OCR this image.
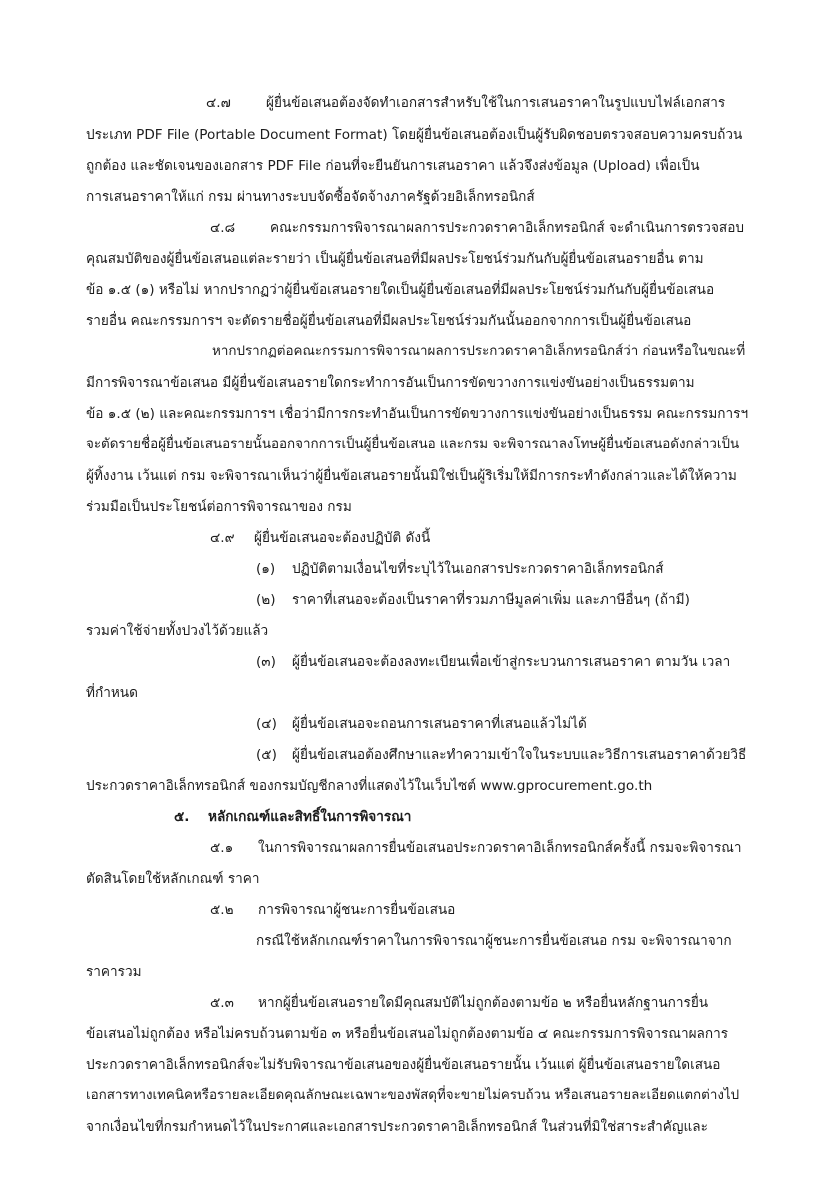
๔.๗	ผู้ยื่นข้อเสนอต้องจัดทำเอกสารสำหรับใช้ในการเสนอราคาในรูปแบบไฟล์เอกสาร
ประเภท PDF File (Portable Document Format) โดยผู้ยื่นข้อเสนอต้องเป็นผู้รับผิดชอบตรวจสอบความครบถ้วน
ถูกต้อง และชัดเจนของเอกสาร PDF File ก่อนที่จะยืนยันการเสนอราคา แล้วจึงส่งข้อมูล (Upload) เพื่อเป็น
การเสนอราคาให้แก่ กรม ผ่านทางระบบจัดซื้อจัดจ้างภาครัฐด้วยอิเล็กทรอนิกส์
๔.๘	คณะกรรมการพิจารณาผลการประกวดราคาอิเล็กทรอนิกส์ จะดำเนินการตรวจสอบ
คุณสมบัติของผู้ยื่นข้อเสนอแต่ละรายว่า เป็นผู้ยื่นข้อเสนอที่มีผลประโยชน์ร่วมกันกับผู้ยื่นข้อเสนอรายอื่น ตาม
ข้อ ๑.๕ (๑) หรือไม่ หากปรากฏว่าผู้ยื่นข้อเสนอรายใดเป็นผู้ยื่นข้อเสนอที่มีผลประโยชน์ร่วมกันกับผู้ยื่นข้อเสนอ
รายอื่น คณะกรรมการฯ จะตัดรายชื่อผู้ยื่นข้อเสนอที่มีผลประโยชน์ร่วมกันนั้นออกจากการเป็นผู้ยื่นข้อเสนอ
หากปรากฏต่อคณะกรรมการพิจารณาผลการประกวดราคาอิเล็กทรอนิกส์ว่า ก่อนหรือในขณะที่
มีการพิจารณาข้อเสนอ มีผู้ยื่นข้อเสนอรายใดกระทำการอันเป็นการขัดขวางการแข่งขันอย่างเป็นธรรมตาม
ข้อ ๑.๕ (๒) และคณะกรรมการฯ เชื่อว่ามีการกระทำอันเป็นการขัดขวางการแข่งขันอย่างเป็นธรรม คณะกรรมการฯ
จะตัดรายชื่อผู้ยื่นข้อเสนอรายนั้นออกจากการเป็นผู้ยื่นข้อเสนอ และกรม จะพิจารณาลงโทษผู้ยื่นข้อเสนอดังกล่าวเป็น
ผู้ทิ้งงาน เว้นแต่ กรม จะพิจารณาเห็นว่าผู้ยื่นข้อเสนอรายนั้นมิใช่เป็นผู้ริเริ่มให้มีการกระทำดังกล่าวและได้ให้ความ
ร่วมมือเป็นประโยชน์ต่อการพิจารณาของ กรม
๔.๙ ผู้ยื่นข้อเสนอจะต้องปฏิบัติ ดังนี้
(๑) ปฏิบัติตามเงื่อนไขที่ระบุไว้ในเอกสารประกวดราคาอิเล็กทรอนิกส์
(๒) ราคาที่เสนอจะต้องเป็นราคาที่รวมภาษีมูลค่าเพิ่ม และภาษีอื่นๆ (ถ้ามี)
รวมค่าใช้จ่ายทั้งปวงไว้ด้วยแล้ว
(๓) ผู้ยื่นข้อเสนอจะต้องลงทะเบียนเพื่อเข้าสู่กระบวนการเสนอราคา ตามวัน เวลา
ที่กำหนด
(๔) ผู้ยื่นข้อเสนอจะถอนการเสนอราคาที่เสนอแล้วไม่ได้
(๕) ผู้ยื่นข้อเสนอต้องศึกษาและทำความเข้าใจในระบบและวิธีการเสนอราคาด้วยวิธี
ประกวดราคาอิเล็กทรอนิกส์ ของกรมบัญชีกลางที่แสดงไว้ในเว็บไซต์ www.gprocurement.go.th
๕. หลักเกณฑ์และสิทธิ์ในการพิจารณา
๕.๑ ในการพิจารณาผลการยื่นข้อเสนอประกวดราคาอิเล็กทรอนิกส์ครั้งนี้ กรมจะพิจารณา
ตัดสินโดยใช้หลักเกณฑ์ ราคา
๕.๒ การพิจารณาผู้ชนะการยื่นข้อเสนอ
กรณีใช้หลักเกณฑ์ราคาในการพิจารณาผู้ชนะการยื่นข้อเสนอ กรม จะพิจารณาจาก
ราคารวม
๕.๓ หากผู้ยื่นข้อเสนอรายใดมีคุณสมบัติไม่ถูกต้องตามข้อ ๒ หรือยื่นหลักฐานการยื่น
ข้อเสนอไม่ถูกต้อง หรือไม่ครบถ้วนตามข้อ ๓ หรือยื่นข้อเสนอไม่ถูกต้องตามข้อ ๔ คณะกรรมการพิจารณาผลการ
ประกวดราคาอิเล็กทรอนิกส์จะไม่รับพิจารณาข้อเสนอของผู้ยื่นข้อเสนอรายนั้น เว้นแต่ ผู้ยื่นข้อเสนอรายใดเสนอ
เอกสารทางเทคนิคหรือรายละเอียดคุณลักษณะเฉพาะของพัสดุที่จะขายไม่ครบถ้วน หรือเสนอรายละเอียดแตกต่างไป
จากเงื่อนไขที่กรมกำหนดไว้ในประกาศและเอกสารประกวดราคาอิเล็กทรอนิกส์ ในส่วนที่มิใช่สาระสำคัญและ
